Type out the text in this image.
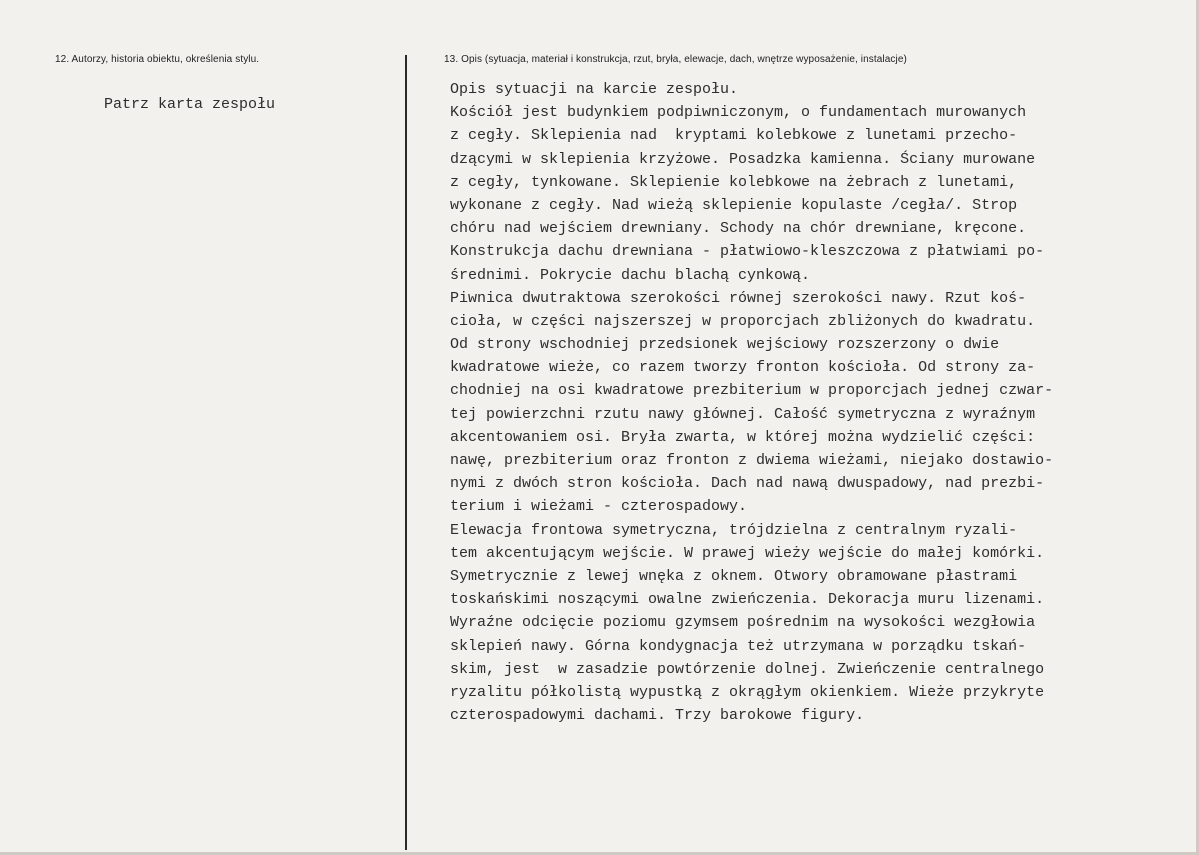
12. Autorzy, historia obiektu, określenia stylu.
Patrz karta zespołu
13. Opis (sytuacja, materiał i konstrukcja, rzut, bryła, elewacje, dach, wnętrze wyposażenie, instalacje)
Opis sytuacji na karcie zespołu.
Kościół jest budynkiem podpiwniczonym, o fundamentach murowanych
z cegły. Sklepienia nad  kryptami kolebkowe z lunetami przecho-
dzącymi w sklepienia krzyżowe. Posadzka kamienna. Ściany murowane
z cegły, tynkowane. Sklepienie kolebkowe na żebrach z lunetami,
wykonane z cegły. Nad wieżą sklepienie kopulaste /cegła/. Strop
chóru nad wejściem drewniany. Schody na chór drewniane, kręcone.
Konstrukcja dachu drewniana - płatwiowo-kleszczowa z płatwiami po-
średnimi. Pokrycie dachu blachą cynkową.
Piwnica dwutraktowa szerokości równej szerokości nawy. Rzut koś-
cioła, w części najszerszej w proporcjach zbliżonych do kwadratu.
Od strony wschodniej przedsionek wejściowy rozszerzony o dwie
kwadratowe wieże, co razem tworzy fronton kościoła. Od strony za-
chodniej na osi kwadratowe prezbiterium w proporcjach jednej czwar-
tej powierzchni rzutu nawy głównej. Całość symetryczna z wyraźnym
akcentowaniem osi. Bryła zwarta, w której można wydzielić części:
nawę, prezbiterium oraz fronton z dwiema wieżami, niejako dostawio-
nymi z dwóch stron kościoła. Dach nad nawą dwuspadowy, nad prezbi-
terium i wieżami - czterospadowy.
Elewacja frontowa symetryczna, trójdzielna z centralnym ryzali-
tem akcentującym wejście. W prawej wieży wejście do małej komórki.
Symetrycznie z lewej wnęka z oknem. Otwory obramowane płastrami
toskańskimi noszącymi owalne zwieńczenia. Dekoracja muru lizenami.
Wyraźne odcięcie poziomu gzymsem pośrednim na wysokości wezgłowia
sklepień nawy. Górna kondygnacja też utrzymana w porządku tskań-
skim, jest  w zasadzie powtórzenie dolnej. Zwieńczenie centralnego
ryzalitu półkolistą wypustką z okrągłym okienkiem. Wieże przykryte
czterospadowymi dachami. Trzy barokowe figury.
